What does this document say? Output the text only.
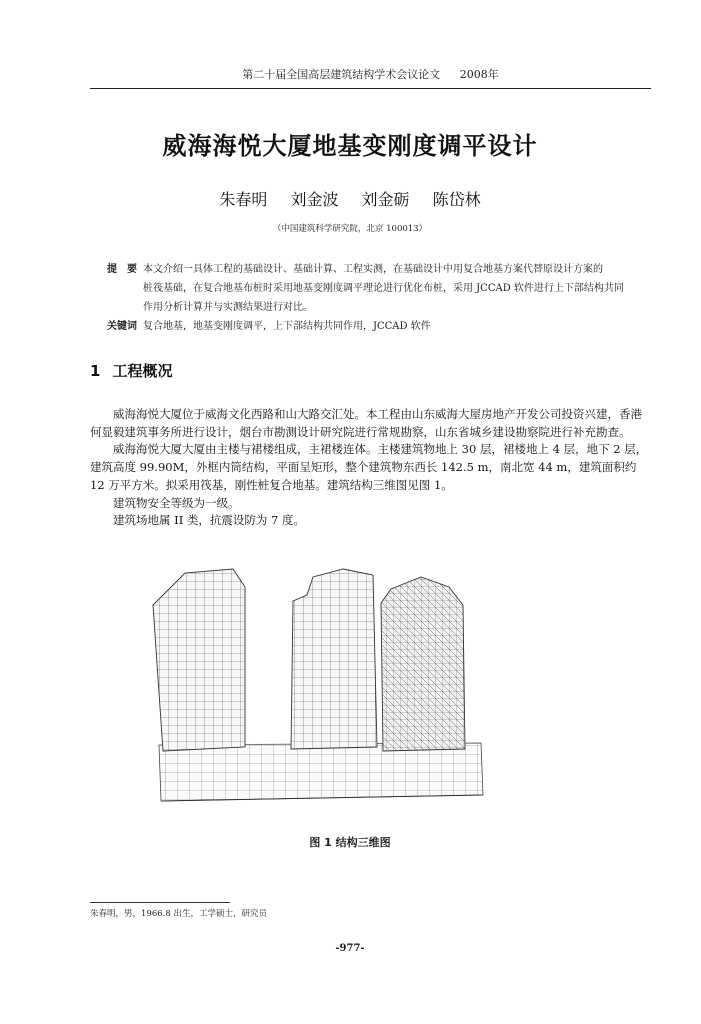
第二十届全国高层建筑结构学术会议论文 2008年
威海海悦大厦地基变刚度调平设计
朱春明 刘金波 刘金砺 陈岱林
（中国建筑科学研究院，北京 100013）
提　要 本文介绍一具体工程的基础设计、基础计算、工程实测，在基础设计中用复合地基方案代替原设计方案的
桩筏基础，在复合地基布桩时采用地基变刚度调平理论进行优化布桩，采用 JCCAD 软件进行上下部结构共同
作用分析计算并与实测结果进行对比。
关键词 复合地基，地基变刚度调平，上下部结构共同作用，JCCAD 软件
1 工程概况

威海海悦大厦位于威海文化西路和山大路交汇处。本工程由山东威海大屋房地产开发公司投资兴建，香港何显毅建筑事务所进行设计，烟台市勘测设计研究院进行常规勘察，山东省城乡建设勘察院进行补充勘查。

威海海悦大厦大厦由主楼与裙楼组成，主裙楼连体。主楼建筑物地上 30 层，裙楼地上 4 层，地下 2 层，建筑高度 99.90M，外框内筒结构，平面呈矩形，整个建筑物东西长 142.5 m，南北宽 44 m，建筑面积约 12 万平方米。拟采用筏基，刚性桩复合地基。建筑结构三维图见图 1。

建筑物安全等级为一级。

建筑场地属 II 类，抗震设防为 7 度。

图 1 结构三维图
朱春明，男，1966.8 出生，工学硕士，研究员
-977-
